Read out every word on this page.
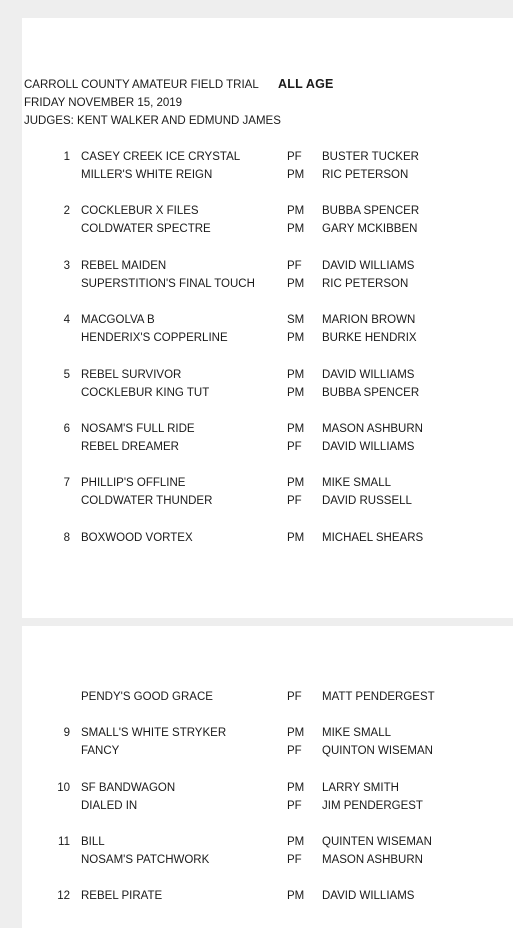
CARROLL COUNTY AMATEUR FIELD TRIAL ALL AGE
FRIDAY NOVEMBER 15, 2019
JUDGES: KENT WALKER AND EDMUND JAMES
1 CASEY CREEK ICE CRYSTAL	PF BUSTER TUCKER
MILLER'S WHITE REIGN	PM RIC PETERSON
2 COCKLEBUR X FILES	PM BUBBA SPENCER
COLDWATER SPECTRE	PM GARY MCKIBBEN
3 REBEL MAIDEN	PF DAVID WILLIAMS
SUPERSTITION'S FINAL TOUCH	PM RIC PETERSON
4 MACGOLVA B	SM MARION BROWN
HENDERIX'S COPPERLINE	PM BURKE HENDRIX
5 REBEL SURVIVOR	PM DAVID WILLIAMS
COCKLEBUR KING TUT	PM BUBBA SPENCER
6 NOSAM'S FULL RIDE	PM MASON ASHBURN
REBEL DREAMER	PF DAVID WILLIAMS
7 PHILLIP'S OFFLINE	PM MIKE SMALL
COLDWATER THUNDER	PF DAVID RUSSELL
8 BOXWOOD VORTEX	PM MICHAEL SHEARS
PENDY'S GOOD GRACE	PF MATT PENDERGEST
9 SMALL'S WHITE STRYKER	PM MIKE SMALL
FANCY	PF QUINTON WISEMAN
10 SF BANDWAGON	PM LARRY SMITH
DIALED IN	PF JIM PENDERGEST
11 BILL	PM QUINTEN WISEMAN
NOSAM'S PATCHWORK	PF MASON ASHBURN
12 REBEL PIRATE	PM DAVID WILLIAMS
